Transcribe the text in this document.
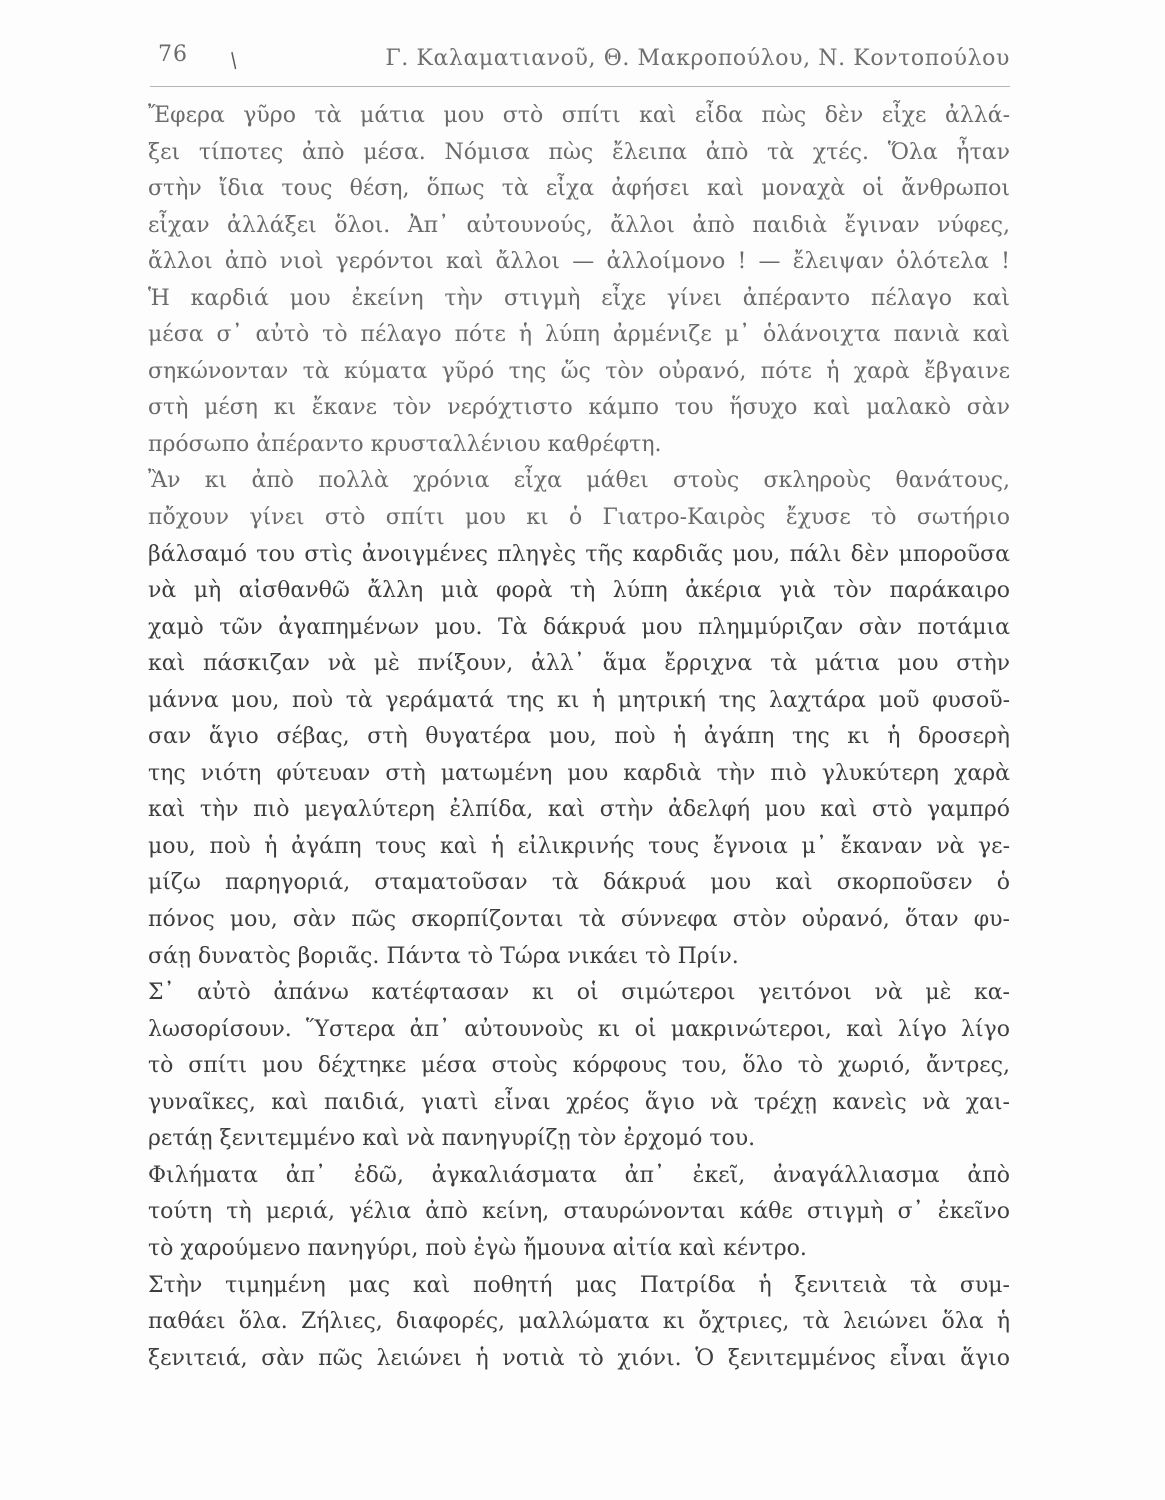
76 /	Γ. Καλαματιανοῦ, Θ. Μακροπούλου, Ν. Κοντοπούλου
Ἔφερα γῦρο τὰ μάτια μου στὸ σπίτι καὶ εἶδα πὼς δὲν εἶχε ἀλλά-
ξει τίποτες ἀπὸ μέσα. Νόμισα πὼς ἔλειπα ἀπὸ τὰ χτές. Ὅλα ἦταν
στὴν ἴδια τους θέση, ὅπως τὰ εἶχα ἀφήσει καὶ μοναχὰ οἱ ἄνθρωποι
εἶχαν ἀλλάξει ὅλοι. Ἀπ᾿ αὐτουνούς, ἄλλοι ἀπὸ παιδιὰ ἔγιναν νύφες,
ἄλλοι ἀπὸ νιοὶ γερόντοι καὶ ἄλλοι — ἀλλοίμονο ! — ἔλειψαν ὁλότελα !
Ἡ καρδιά μου ἐκείνη τὴν στιγμὴ εἶχε γίνει ἀπέραντο πέλαγο καὶ
μέσα σ᾿ αὐτὸ τὸ πέλαγο πότε ἡ λύπη ἀρμένιζε μ᾿ ὁλάνοιχτα πανιὰ καὶ
σηκώνονταν τὰ κύματα γῦρό της ὥς τὸν οὐρανό, πότε ἡ χαρὰ ἔβγαινε
στὴ μέση κι ἔκανε τὸν νερόχτιστο κάμπο του ἥσυχο καὶ μαλακὸ σὰν
πρόσωπο ἀπέραντο κρυσταλλένιου καθρέφτη.
Ἂν κι ἀπὸ πολλὰ χρόνια εἶχα μάθει στοὺς σκληροὺς θανάτους,
πὄχουν γίνει στὸ σπίτι μου κι ὁ Γιατρο-Καιρὸς ἔχυσε τὸ σωτήριο
βάλσαμό του στὶς ἀνοιγμένες πληγὲς τῆς καρδιᾶς μου, πάλι δὲν μποροῦσα
νὰ μὴ αἰσθανθῶ ἄλλη μιὰ φορὰ τὴ λύπη ἀκέρια γιὰ τὸν παράκαιρο
χαμὸ τῶν ἀγαπημένων μου. Τὰ δάκρυά μου πλημμύριζαν σὰν ποτάμια
καὶ πάσκιζαν νὰ μὲ πνίξουν, ἀλλ᾿ ἅμα ἔρριχνα τὰ μάτια μου στὴν
μάννα μου, ποὺ τὰ γεράματά της κι ἡ μητρική της λαχτάρα μοῦ φυσοῦ-
σαν ἅγιο σέβας, στὴ θυγατέρα μου, ποὺ ἡ ἀγάπη της κι ἡ δροσερὴ
της νιότη φύτευαν στὴ ματωμένη μου καρδιὰ τὴν πιὸ γλυκύτερη χαρὰ
καὶ τὴν πιὸ μεγαλύτερη ἐλπίδα, καὶ στὴν ἀδελφή μου καὶ στὸ γαμπρό
μου, ποὺ ἡ ἀγάπη τους καὶ ἡ εἰλικρινής τους ἔγνοια μ᾿ ἔκαναν νὰ γε-
μίζω παρηγοριά, σταματοῦσαν τὰ δάκρυά μου καὶ σκορποῦσεν ὁ
πόνος μου, σὰν πῶς σκορπίζονται τὰ σύννεφα στὸν οὐρανό, ὅταν φυ-
σάῃ δυνατὸς βοριᾶς. Πάντα τὸ Τώρα νικάει τὸ Πρίν.
Σ᾿ αὐτὸ ἀπάνω κατέφτασαν κι οἱ σιμώτεροι γειτόνοι νὰ μὲ κα-
λωσορίσουν. Ὕστερα ἀπ᾿ αὐτουνοὺς κι οἱ μακρινώτεροι, καὶ λίγο λίγο
τὸ σπίτι μου δέχτηκε μέσα στοὺς κόρφους του, ὅλο τὸ χωριό, ἄντρες,
γυναῖκες, καὶ παιδιά, γιατὶ εἶναι χρέος ἅγιο νὰ τρέχῃ κανεὶς νὰ χαι-
ρετάῃ ξενιτεμμένο καὶ νὰ πανηγυρίζῃ τὸν ἐρχομό του.
Φιλήματα ἀπ᾿ ἐδῶ, ἀγκαλιάσματα ἀπ᾿ ἐκεῖ, ἀναγάλλιασμα ἀπὸ
τούτη τὴ μεριά, γέλια ἀπὸ κείνη, σταυρώνονται κάθε στιγμὴ σ᾿ ἐκεῖνο
τὸ χαρούμενο πανηγύρι, ποὺ ἐγὼ ἤμουνα αἰτία καὶ κέντρο.
Στὴν τιμημένη μας καὶ ποθητή μας Πατρίδα ἡ ξενιτειὰ τὰ συμ-
παθάει ὅλα. Ζήλιες, διαφορές, μαλλώματα κι ὄχτριες, τὰ λειώνει ὅλα ἡ
ξενιτειά, σὰν πῶς λειώνει ἡ νοτιὰ τὸ χιόνι. Ὁ ξενιτεμμένος εἶναι ἅγιο
